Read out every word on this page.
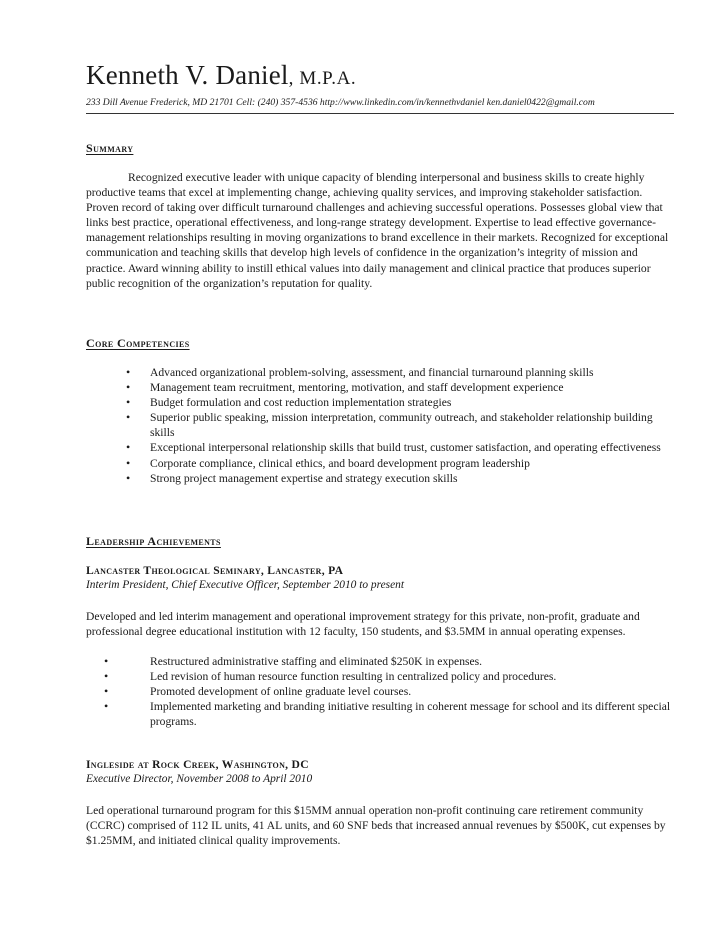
Kenneth V. Daniel, M.P.A.
233 Dill Avenue Frederick, MD 21701 Cell: (240) 357-4536 http://www.linkedin.com/in/kennethvdaniel ken.daniel0422@gmail.com
Summary

Recognized executive leader with unique capacity of blending interpersonal and business skills to create highly productive teams that excel at implementing change, achieving quality services, and improving stakeholder satisfaction. Proven record of taking over difficult turnaround challenges and achieving successful operations. Possesses global view that links best practice, operational effectiveness, and long-range strategy development. Expertise to lead effective governance-management relationships resulting in moving organizations to brand excellence in their markets. Recognized for exceptional communication and teaching skills that develop high levels of confidence in the organization’s integrity of mission and practice. Award winning ability to instill ethical values into daily management and clinical practice that produces superior public recognition of the organization’s reputation for quality.

Core Competencies
• Advanced organizational problem-solving, assessment, and financial turnaround planning skills
• Management team recruitment, mentoring, motivation, and staff development experience
• Budget formulation and cost reduction implementation strategies
• Superior public speaking, mission interpretation, community outreach, and stakeholder relationship building skills
• Exceptional interpersonal relationship skills that build trust, customer satisfaction, and operating effectiveness
• Corporate compliance, clinical ethics, and board development program leadership
• Strong project management expertise and strategy execution skills
Leadership Achievements
Lancaster Theological Seminary, Lancaster, PA
Interim President, Chief Executive Officer, September 2010 to present

Developed and led interim management and operational improvement strategy for this private, non-profit, graduate and professional degree educational institution with 12 faculty, 150 students, and $3.5MM in annual operating expenses.

•	Restructured administrative staffing and eliminated $250K in expenses.
•	Led revision of human resource function resulting in centralized policy and procedures.
•	Promoted development of online graduate level courses.
•	Implemented marketing and branding initiative resulting in coherent message for school and its different special programs.
Ingleside at Rock Creek, Washington, DC
Executive Director, November 2008 to April 2010

Led operational turnaround program for this $15MM annual operation non-profit continuing care retirement community (CCRC) comprised of 112 IL units, 41 AL units, and 60 SNF beds that increased annual revenues by $500K, cut expenses by $1.25MM, and initiated clinical quality improvements.
